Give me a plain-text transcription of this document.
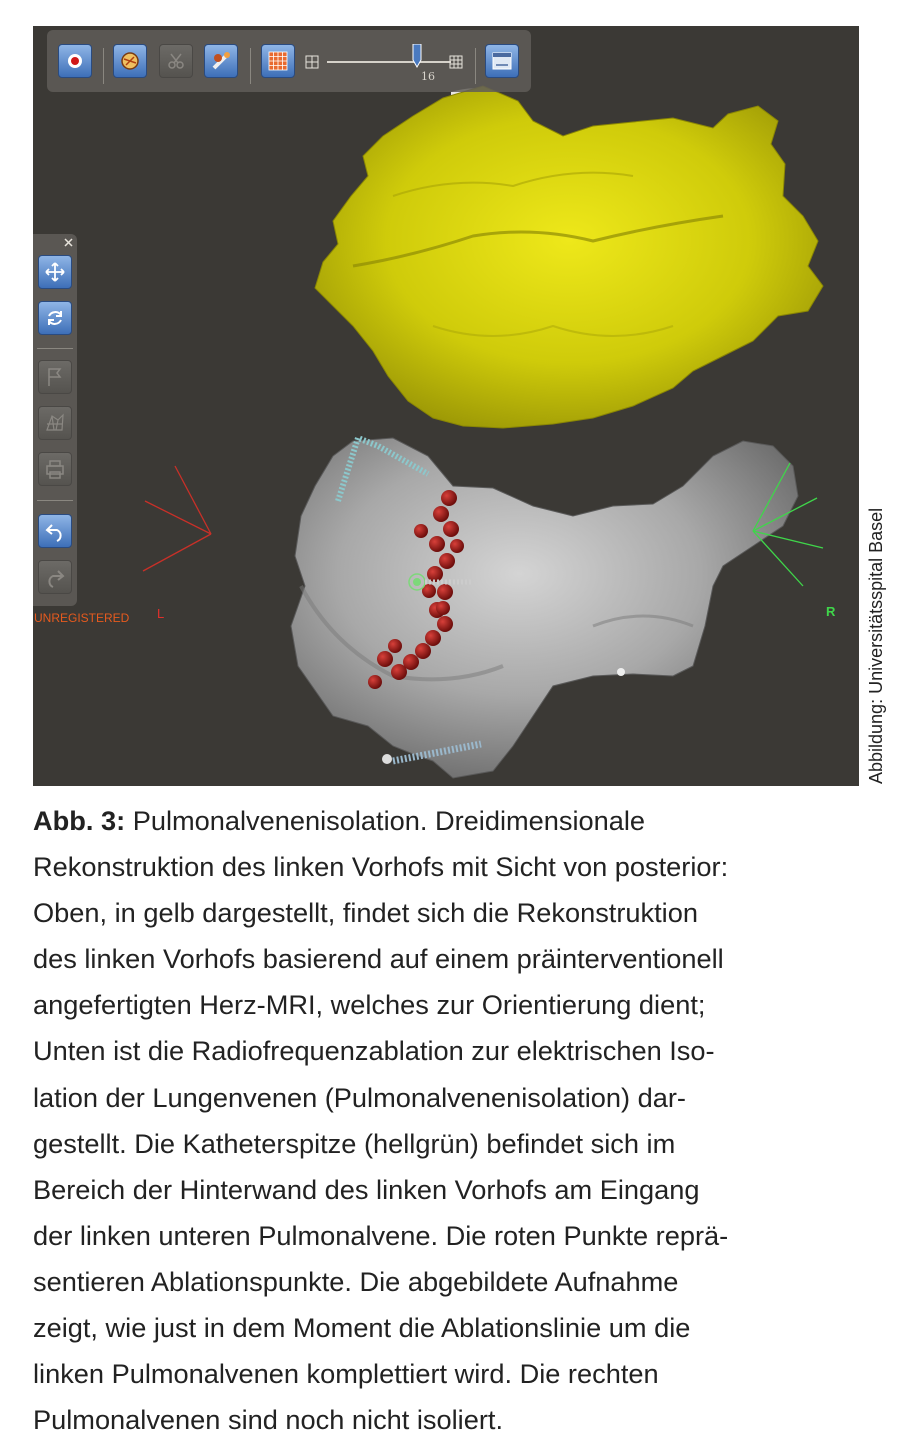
16
UNREGISTERED L	R Abbildung: Universitätsspital Basel
Abb. 3: Pulmonalvenenisolation. Dreidimensionale
Rekonstruktion des linken Vorhofs mit Sicht von posterior:
Oben, in gelb dargestellt, findet sich die Rekonstruktion
des linken Vorhofs basierend auf einem präinterventionell
angefertigten Herz-MRI, welches zur Orientierung dient;
Unten ist die Radiofrequenzablation zur elektrischen Iso-
lation der Lungenvenen (Pulmonalvenenisolation) dar-
gestellt. Die Katheterspitze (hellgrün) befindet sich im
Bereich der Hinterwand des linken Vorhofs am Eingang
der linken unteren Pulmonalvene. Die roten Punkte reprä-
sentieren Ablationspunkte. Die abgebildete Aufnahme
zeigt, wie just in dem Moment die Ablationslinie um die
linken Pulmonalvenen komplettiert wird. Die rechten
Pulmonalvenen sind noch nicht isoliert.
